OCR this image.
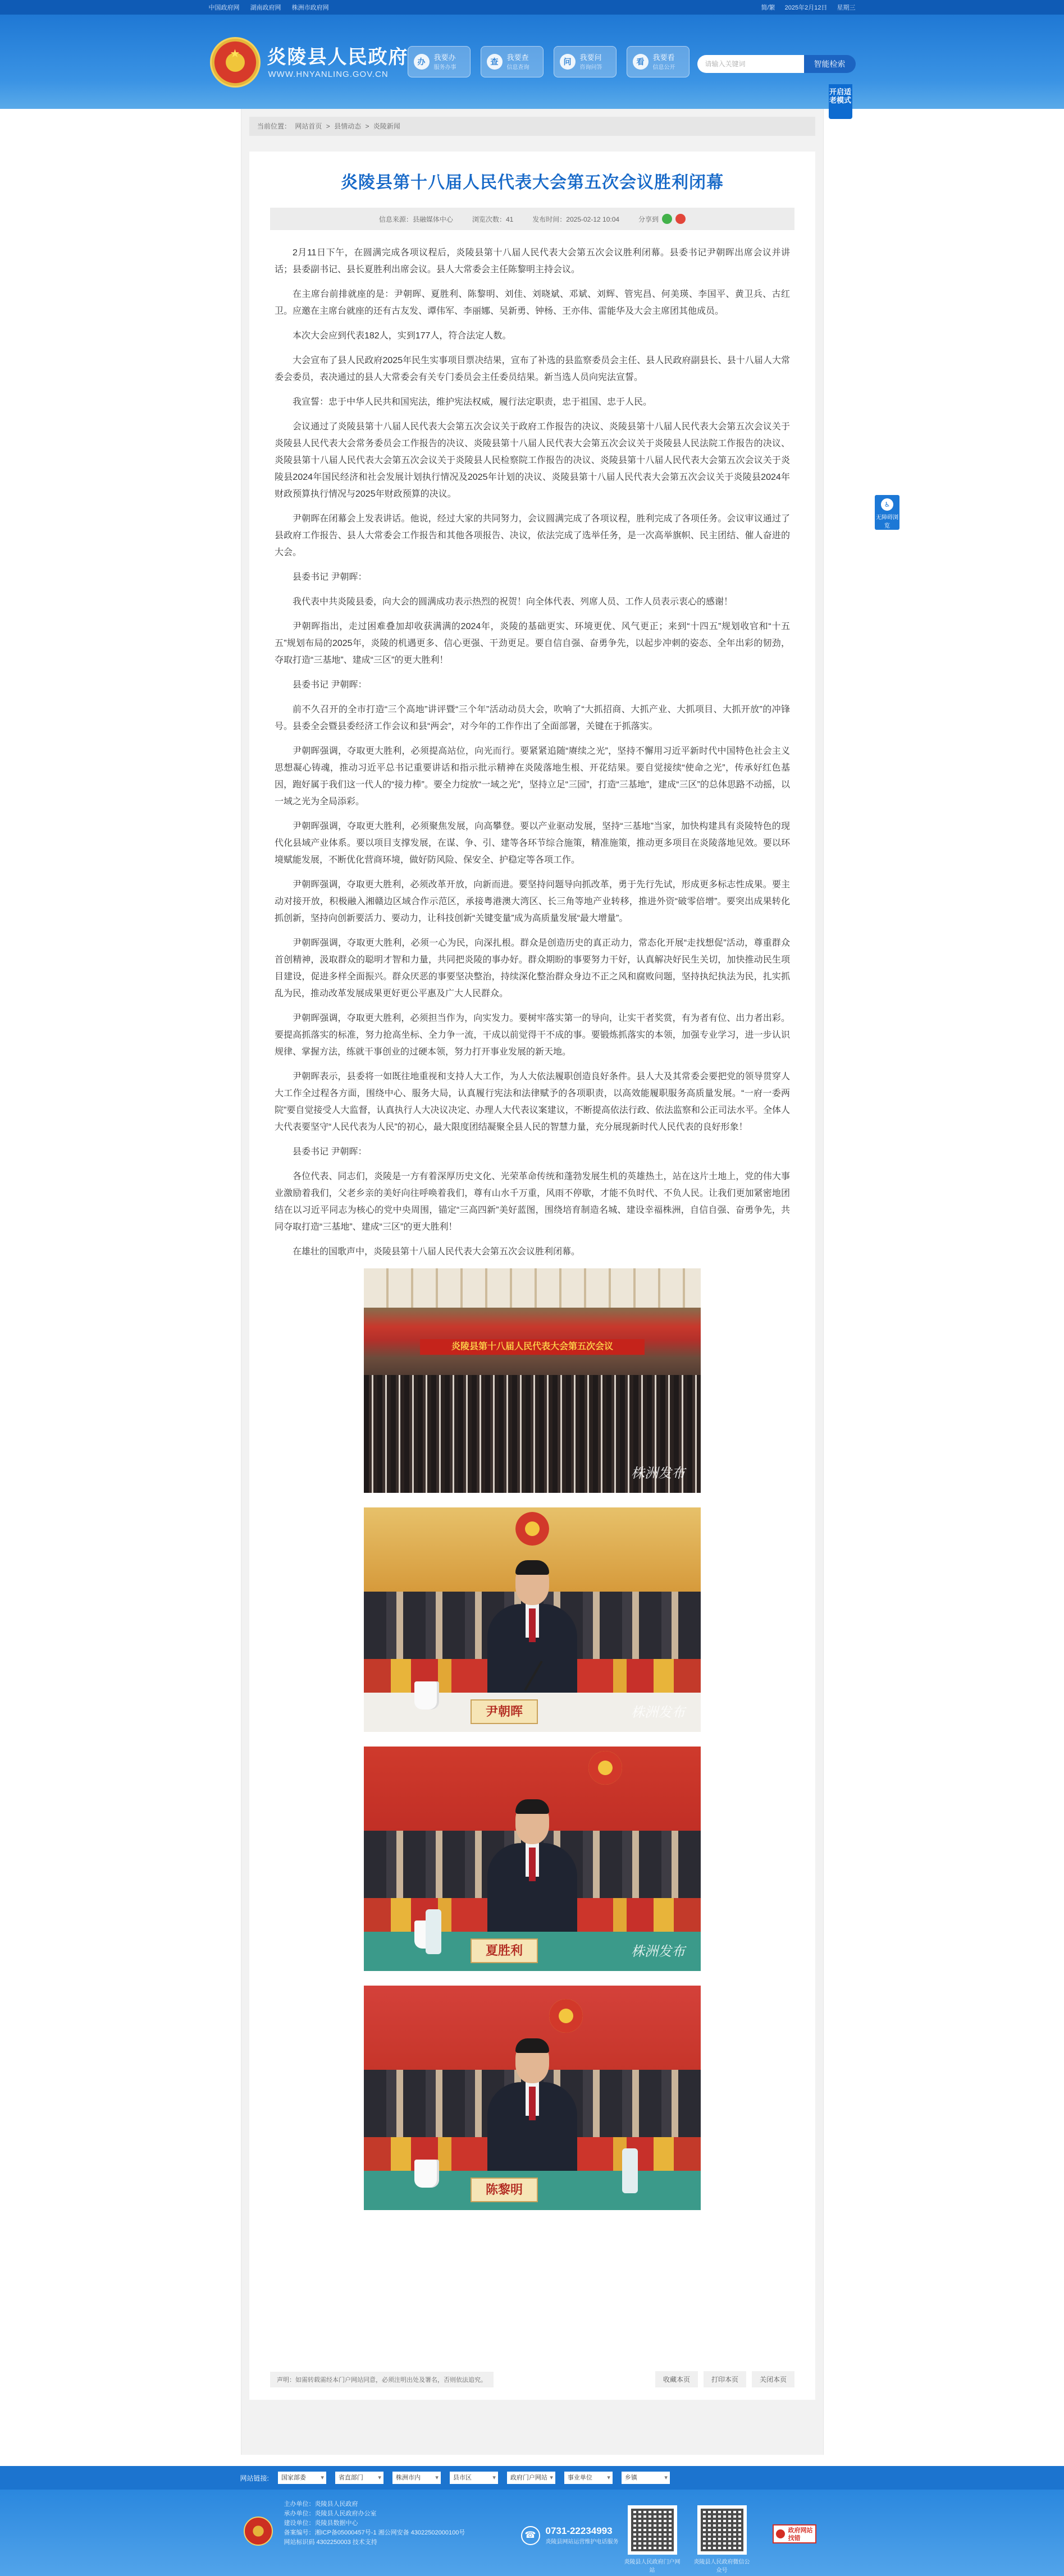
中国政府网 湖南政府网 株洲市政府网	简/繁 2025年2月12日 星期三
★
炎陵县人民政府
WWW.HNYANLING.GOV.CN
办	我要办
服务办事
查	我要查
信息查询
问	我要问
咨询问答
看	我要看
信息公开	请输入关键词	智能检索
开启适老模式
♿
无障碍浏览
当前位置： 网站首页 > 县情动态 > 炎陵新闻
炎陵县第十八届人民代表大会第五次会议胜利闭幕
信息来源：县融媒体中心	浏览次数：41	发布时间：2025-02-12 10:04	分享到

2月11日下午，在圆满完成各项议程后，炎陵县第十八届人民代表大会第五次会议胜利闭幕。县委书记尹朝晖出席会议并讲话；县委副书记、县长夏胜利出席会议。县人大常委会主任陈黎明主持会议。

在主席台前排就座的是：尹朝晖、夏胜利、陈黎明、刘佳、刘晓斌、邓斌、刘辉、管宪昌、何美瑛、李国平、黄卫兵、古红卫。应邀在主席台就座的还有古友发、谭伟军、李丽娜、吴新勇、钟杨、王亦伟、雷能华及大会主席团其他成员。

本次大会应到代表182人，实到177人，符合法定人数。

大会宣布了县人民政府2025年民生实事项目票决结果，宣布了补选的县监察委员会主任、县人民政府副县长、县十八届人大常委会委员，表决通过的县人大常委会有关专门委员会主任委员结果。新当选人员向宪法宣誓。

我宣誓：忠于中华人民共和国宪法，维护宪法权威，履行法定职责，忠于祖国、忠于人民。

会议通过了炎陵县第十八届人民代表大会第五次会议关于政府工作报告的决议、炎陵县第十八届人民代表大会第五次会议关于炎陵县人民代表大会常务委员会工作报告的决议、炎陵县第十八届人民代表大会第五次会议关于炎陵县人民法院工作报告的决议、炎陵县第十八届人民代表大会第五次会议关于炎陵县人民检察院工作报告的决议、炎陵县第十八届人民代表大会第五次会议关于炎陵县2024年国民经济和社会发展计划执行情况及2025年计划的决议、炎陵县第十八届人民代表大会第五次会议关于炎陵县2024年财政预算执行情况与2025年财政预算的决议。

尹朝晖在闭幕会上发表讲话。他说，经过大家的共同努力，会议圆满完成了各项议程，胜利完成了各项任务。会议审议通过了县政府工作报告、县人大常委会工作报告和其他各项报告、决议，依法完成了选举任务，是一次高举旗帜、民主团结、催人奋进的大会。

县委书记 尹朝晖：

我代表中共炎陵县委，向大会的圆满成功表示热烈的祝贺！向全体代表、列席人员、工作人员表示衷心的感谢！

尹朝晖指出，走过困难叠加却收获满满的2024年，炎陵的基础更实、环境更优、风气更正；来到“十四五”规划收官和“十五五”规划布局的2025年，炎陵的机遇更多、信心更强、干劲更足。要自信自强、奋勇争先，以起步冲刺的姿态、全年出彩的韧劲，夺取打造“三基地”、建成“三区”的更大胜利！

县委书记 尹朝晖：

前不久召开的全市打造“三个高地”讲评暨“三个年”活动动员大会，吹响了“大抓招商、大抓产业、大抓项目、大抓开放”的冲锋号。县委全会暨县委经济工作会议和县“两会”，对今年的工作作出了全面部署，关键在于抓落实。

尹朝晖强调，夺取更大胜利，必须提高站位，向光而行。要紧紧追随“赓续之光”，坚持不懈用习近平新时代中国特色社会主义思想凝心铸魂，推动习近平总书记重要讲话和指示批示精神在炎陵落地生根、开花结果。要自觉接续“使命之光”，传承好红色基因，跑好属于我们这一代人的“接力棒”。要全力绽放“一域之光”，坚持立足“三园”，打造“三基地”，建成“三区”的总体思路不动摇，以一域之光为全局添彩。

尹朝晖强调，夺取更大胜利，必须聚焦发展，向高攀登。要以产业驱动发展，坚持“三基地”当家，加快构建具有炎陵特色的现代化县域产业体系。要以项目支撑发展，在谋、争、引、建等各环节综合施策，精准施策，推动更多项目在炎陵落地见效。要以环境赋能发展，不断优化营商环境，做好防风险、保安全、护稳定等各项工作。

尹朝晖强调，夺取更大胜利，必须改革开放，向新而进。要坚持问题导向抓改革，勇于先行先试，形成更多标志性成果。要主动对接开放，积极融入湘赣边区域合作示范区，承接粤港澳大湾区、长三角等地产业转移，推进外资“破零倍增”。要突出成果转化抓创新，坚持向创新要活力、要动力，让科技创新“关键变量”成为高质量发展“最大增量”。

尹朝晖强调，夺取更大胜利，必须一心为民，向深扎根。群众是创造历史的真正动力，常态化开展“走找想促”活动，尊重群众首创精神，汲取群众的聪明才智和力量，共同把炎陵的事办好。群众期盼的事要努力干好，认真解决好民生关切，加快推动民生项目建设，促进多样全面振兴。群众厌恶的事要坚决整治，持续深化整治群众身边不正之风和腐败问题，坚持执纪执法为民，扎实抓乱为民，推动改革发展成果更好更公平惠及广大人民群众。

尹朝晖强调，夺取更大胜利，必须担当作为，向实发力。要树牢落实第一的导向，让实干者奖赏，有为者有位、出力者出彩。要提高抓落实的标准，努力抢高坐标、全力争一流，干成以前觉得干不成的事。要锻炼抓落实的本领，加强专业学习，进一步认识规律、掌握方法，练就干事创业的过硬本领，努力打开事业发展的新天地。

尹朝晖表示，县委将一如既往地重视和支持人大工作，为人大依法履职创造良好条件。县人大及其常委会要把党的领导贯穿人大工作全过程各方面，围绕中心、服务大局，认真履行宪法和法律赋予的各项职责，以高效能履职服务高质量发展。“一府一委两院”要自觉接受人大监督，认真执行人大决议决定、办理人大代表议案建议，不断提高依法行政、依法监察和公正司法水平。全体人大代表要坚守“人民代表为人民”的初心，最大限度团结凝聚全县人民的智慧力量，充分展现新时代人民代表的良好形象！

县委书记 尹朝晖：

各位代表、同志们，炎陵是一方有着深厚历史文化、光荣革命传统和蓬勃发展生机的英雄热土，站在这片土地上，党的伟大事业激励着我们，父老乡亲的美好向往呼唤着我们，尊有山水千万重，风雨不停歇，才能不负时代、不负人民。让我们更加紧密地团结在以习近平同志为核心的党中央周围，锚定“三高四新”美好蓝图，围绕培育制造名城、建设幸福株洲，自信自强、奋勇争先，共同夺取打造“三基地”、建成“三区”的更大胜利！

在雄壮的国歌声中，炎陵县第十八届人民代表大会第五次会议胜利闭幕。

炎陵县第十八届人民代表大会第五次会议
株洲发布
尹朝晖	株洲发布
夏胜利	株洲发布
陈黎明
声明：如需转载需经本门户网站同意，必须注明出处及署名，否则依法追究。	收藏本页	打印本页	关闭本页
网站链接:	国家部委 ▾	省直部门 ▾	株洲市内 ▾	县市区 ▾	政府门户网站 ▾	事业单位 ▾	乡镇 ▾
主办单位：炎陵县人民政府
承办单位：炎陵县人民政府办公室
建设单位：炎陵县数据中心
备案编号：湘ICP备05000457号-1 湘公网安备 43022502000100号
网站标识码 4302250003 技术支持
☎	0731-22234993
炎陵县网站运营维护电话服务
炎陵县人民政府门户网站
炎陵县人民政府微信公众号
政府网站找错
